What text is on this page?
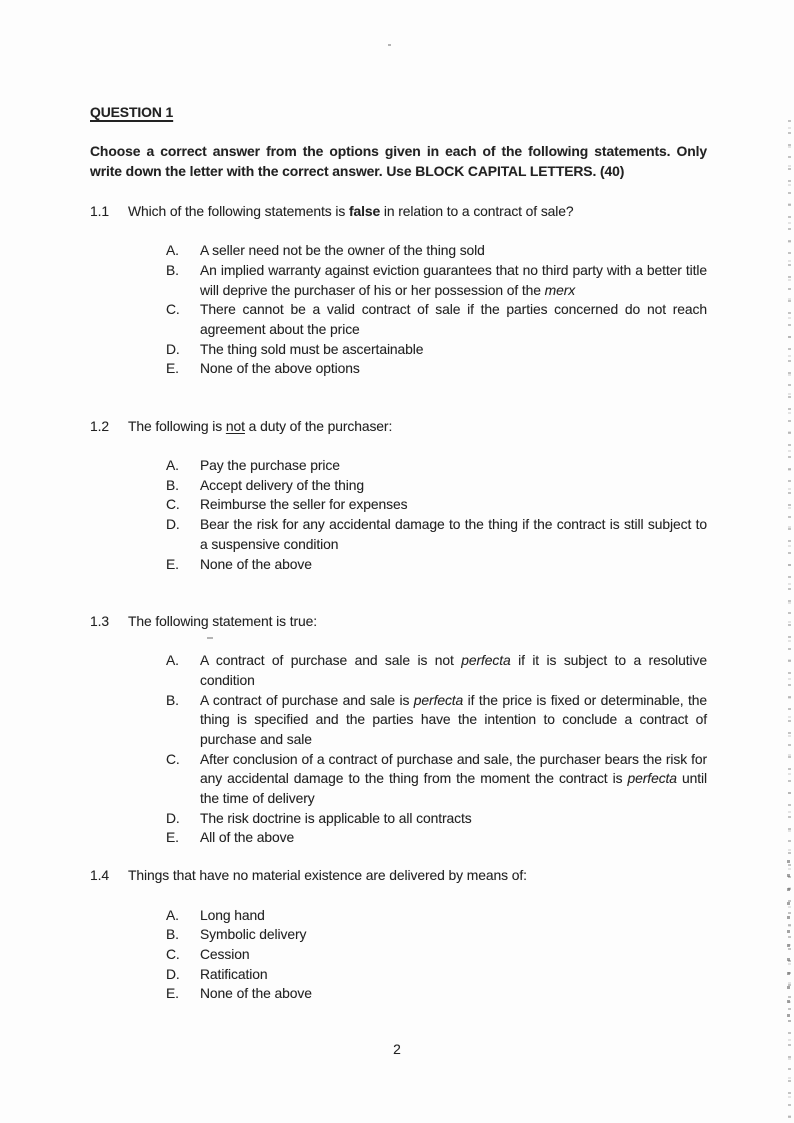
QUESTION 1

Choose a correct answer from the options given in each of the following statements. Only write down the letter with the correct answer. Use BLOCK CAPITAL LETTERS. (40)

1.1	Which of the following statements is false in relation to a contract of sale?
A.	A seller need not be the owner of the thing sold
B.	An implied warranty against eviction guarantees that no third party with a better title will deprive the purchaser of his or her possession of the merx
C.	There cannot be a valid contract of sale if the parties concerned do not reach agreement about the price
D.	The thing sold must be ascertainable
E.	None of the above options
1.2	The following is not a duty of the purchaser:
A.	Pay the purchase price
B.	Accept delivery of the thing
C.	Reimburse the seller for expenses
D.	Bear the risk for any accidental damage to the thing if the contract is still subject to a suspensive condition
E.	None of the above
1.3	The following statement is true:
A.	A contract of purchase and sale is not perfecta if it is subject to a resolutive condition
B.	A contract of purchase and sale is perfecta if the price is fixed or determinable, the thing is specified and the parties have the intention to conclude a contract of purchase and sale
C.	After conclusion of a contract of purchase and sale, the purchaser bears the risk for any accidental damage to the thing from the moment the contract is perfecta until the time of delivery
D.	The risk doctrine is applicable to all contracts
E.	All of the above
1.4	Things that have no material existence are delivered by means of:
A.	Long hand
B.	Symbolic delivery
C.	Cession
D.	Ratification
E.	None of the above
2
